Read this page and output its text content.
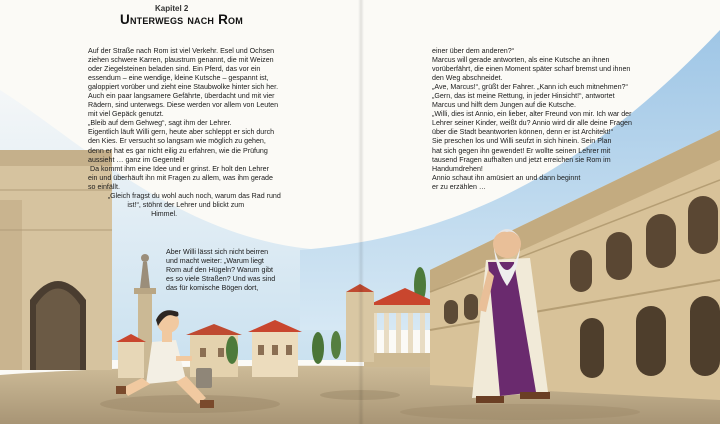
Kapitel 2
Unterwegs nach Rom

Auf der Straße nach Rom ist viel Verkehr. Esel und Ochsen

ziehen schwere Karren, plaustrum genannt, die mit Weizen

oder Ziegelsteinen beladen sind. Ein Pferd, das vor ein

essendum – eine wendige, kleine Kutsche – gespannt ist,

galoppiert vorüber und zieht eine Staubwolke hinter sich her.

Auch ein paar langsamere Gefährte, überdacht und mit vier

Rädern, sind unterwegs. Diese werden vor allem von Leuten

mit viel Gepäck genutzt.

„Bleib auf dem Gehweg“, sagt ihm der Lehrer.

Eigentlich läuft Willi gern, heute aber schleppt er sich durch

den Kies. Er versucht so langsam wie möglich zu gehen,

denn er hat es gar nicht eilig zu erfahren, wie die Prüfung

aussieht … ganz im Gegenteil!

Da kommt ihm eine Idee und er grinst. Er holt den Lehrer

ein und überhäuft ihn mit Fragen zu allem, was ihm gerade

so einfällt.

„Gleich fragst du wohl auch noch, warum das Rad rund

ist!“, stöhnt der Lehrer und blickt zum

Himmel.

Aber Willi lässt sich nicht beirren

und macht weiter: „Warum liegt

Rom auf den Hügeln? Warum gibt

es so viele Straßen? Und was sind

das für komische Bögen dort,

einer über dem anderen?“

Marcus will gerade antworten, als eine Kutsche an ihnen

vorüberfährt, die einen Moment später scharf bremst und ihnen

den Weg abschneidet.

„Ave, Marcus!“, grüßt der Fahrer. „Kann ich euch mitnehmen?“

„Gern, das ist meine Rettung, in jeder Hinsicht!“, antwortet

Marcus und hilft dem Jungen auf die Kutsche.

„Willi, dies ist Annio, ein lieber, alter Freund von mir. Ich war der

Lehrer seiner Kinder, weißt du? Annio wird dir alle deine Fragen

über die Stadt beantworten können, denn er ist Architekt!“

Sie preschen los und Willi seufzt in sich hinein. Sein Plan

hat sich gegen ihn gewendet! Er wollte seinen Lehrer mit

tausend Fragen aufhalten und jetzt erreichen sie Rom im

Handumdrehen!

Annio schaut ihn amüsiert an und dann beginnt

er zu erzählen …
